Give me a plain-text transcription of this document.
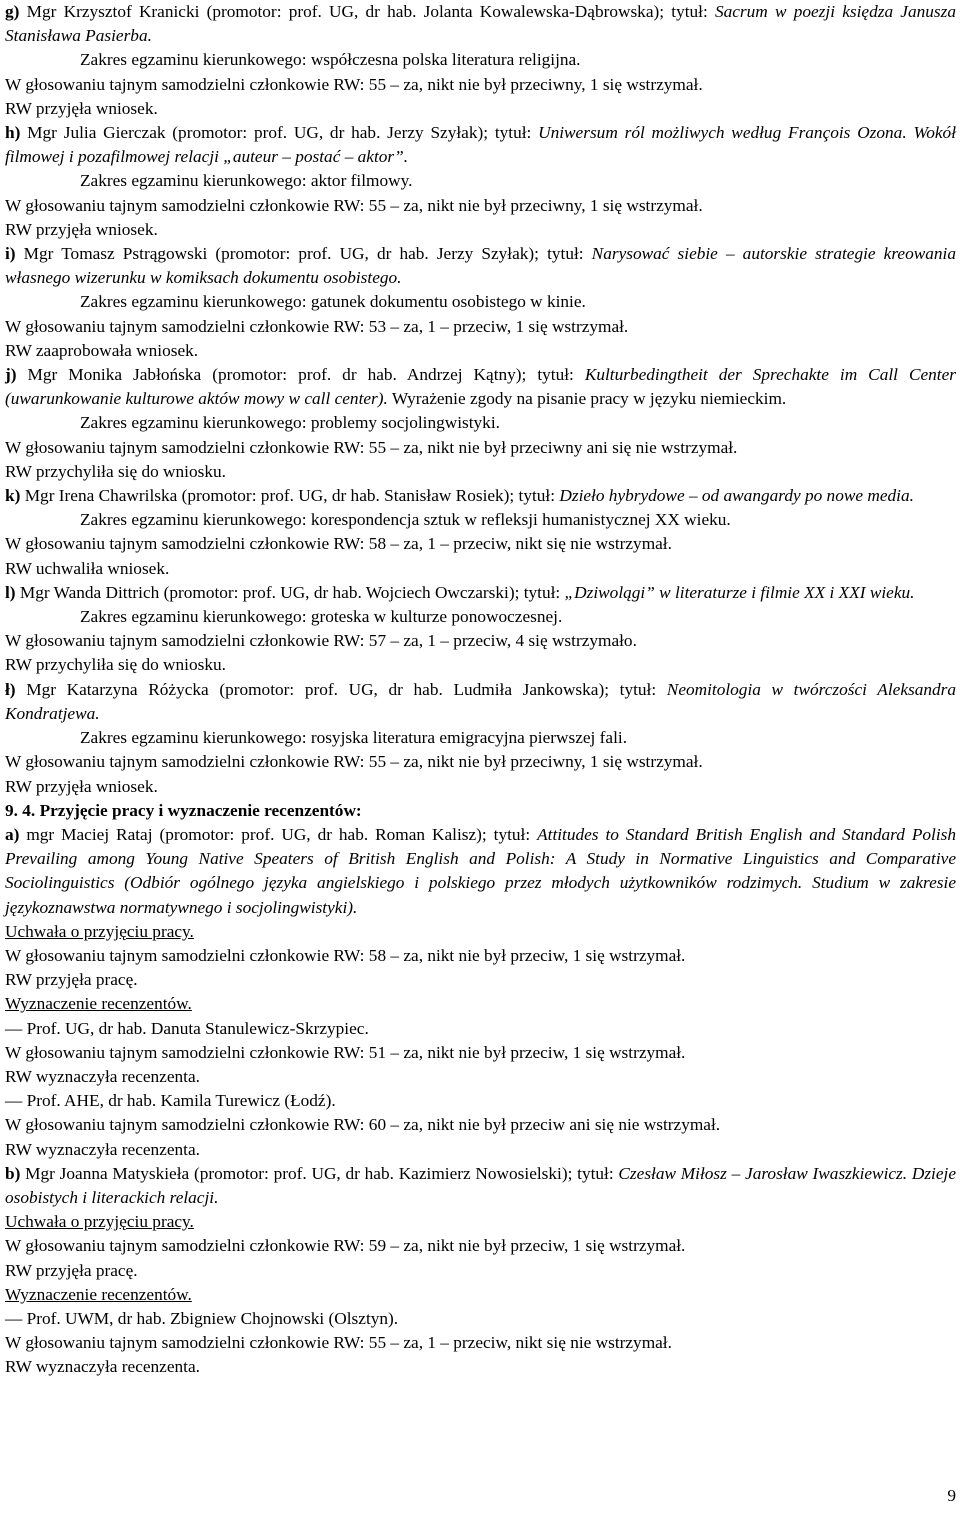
g) Mgr Krzysztof Kranicki (promotor: prof. UG, dr hab. Jolanta Kowalewska-Dąbrowska); tytuł: Sacrum w poezji księdza Janusza Stanisława Pasierba.

Zakres egzaminu kierunkowego: współczesna polska literatura religijna.

W głosowaniu tajnym samodzielni członkowie RW: 55 – za, nikt nie był przeciwny, 1 się wstrzymał.

RW przyjęła wniosek.

h) Mgr Julia Gierczak (promotor: prof. UG, dr hab. Jerzy Szyłak); tytuł: Uniwersum ról możliwych według François Ozona. Wokół filmowej i pozafilmowej relacji „auteur – postać – aktor”.

Zakres egzaminu kierunkowego: aktor filmowy.

W głosowaniu tajnym samodzielni członkowie RW: 55 – za, nikt nie był przeciwny, 1 się wstrzymał.

RW przyjęła wniosek.

i) Mgr Tomasz Pstrągowski (promotor: prof. UG, dr hab. Jerzy Szyłak); tytuł: Narysować siebie – autorskie strategie kreowania własnego wizerunku w komiksach dokumentu osobistego.

Zakres egzaminu kierunkowego: gatunek dokumentu osobistego w kinie.

W głosowaniu tajnym samodzielni członkowie RW: 53 – za, 1 – przeciw, 1 się wstrzymał.

RW zaaprobowała wniosek.

j) Mgr Monika Jabłońska (promotor: prof. dr hab. Andrzej Kątny); tytuł: Kulturbedingtheit der Sprechakte im Call Center (uwarunkowanie kulturowe aktów mowy w call center). Wyrażenie zgody na pisanie pracy w języku niemieckim.

Zakres egzaminu kierunkowego: problemy socjolingwistyki.

W głosowaniu tajnym samodzielni członkowie RW: 55 – za, nikt nie był przeciwny ani się nie wstrzymał.

RW przychyliła się do wniosku.

k) Mgr Irena Chawrilska (promotor: prof. UG, dr hab. Stanisław Rosiek); tytuł: Dzieło hybrydowe – od awangardy po nowe media.

Zakres egzaminu kierunkowego: korespondencja sztuk w refleksji humanistycznej XX wieku.

W głosowaniu tajnym samodzielni członkowie RW: 58 – za, 1 – przeciw, nikt się nie wstrzymał.

RW uchwaliła wniosek.

l) Mgr Wanda Dittrich (promotor: prof. UG, dr hab. Wojciech Owczarski); tytuł: „Dziwolągi” w literaturze i filmie XX i XXI wieku.

Zakres egzaminu kierunkowego: groteska w kulturze ponowoczesnej.

W głosowaniu tajnym samodzielni członkowie RW: 57 – za, 1 – przeciw, 4 się wstrzymało.

RW przychyliła się do wniosku.

ł) Mgr Katarzyna Różycka (promotor: prof. UG, dr hab. Ludmiła Jankowska); tytuł: Neomitologia w twórczości Aleksandra Kondratjewa.

Zakres egzaminu kierunkowego: rosyjska literatura emigracyjna pierwszej fali.

W głosowaniu tajnym samodzielni członkowie RW: 55 – za, nikt nie był przeciwny, 1 się wstrzymał.

RW przyjęła wniosek.

9. 4. Przyjęcie pracy i wyznaczenie recenzentów:

a) mgr Maciej Rataj (promotor: prof. UG, dr hab. Roman Kalisz); tytuł: Attitudes to Standard British English and Standard Polish Prevailing among Young Native Speaters of British English and Polish: A Study in Normative Linguistics and Comparative Sociolinguistics (Odbiór ogólnego języka angielskiego i polskiego przez młodych użytkowników rodzimych. Studium w zakresie językoznawstwa normatywnego i socjolingwistyki).

Uchwała o przyjęciu pracy.

W głosowaniu tajnym samodzielni członkowie RW: 58 – za, nikt nie był przeciw, 1 się wstrzymał.

RW przyjęła pracę.

Wyznaczenie recenzentów.

— Prof. UG, dr hab. Danuta Stanulewicz-Skrzypiec.

W głosowaniu tajnym samodzielni członkowie RW: 51 – za, nikt nie był przeciw, 1 się wstrzymał.

RW wyznaczyła recenzenta.

— Prof. AHE, dr hab. Kamila Turewicz (Łodź).

W głosowaniu tajnym samodzielni członkowie RW: 60 – za, nikt nie był przeciw ani się nie wstrzymał.

RW wyznaczyła recenzenta.

b) Mgr Joanna Matyskieła (promotor: prof. UG, dr hab. Kazimierz Nowosielski); tytuł: Czesław Miłosz – Jarosław Iwaszkiewicz. Dzieje osobistych i literackich relacji.

Uchwała o przyjęciu pracy.

W głosowaniu tajnym samodzielni członkowie RW: 59 – za, nikt nie był przeciw, 1 się wstrzymał.

RW przyjęła pracę.

Wyznaczenie recenzentów.

— Prof. UWM, dr hab. Zbigniew Chojnowski (Olsztyn).

W głosowaniu tajnym samodzielni członkowie RW: 55 – za, 1 – przeciw, nikt się nie wstrzymał.

RW wyznaczyła recenzenta.

9
